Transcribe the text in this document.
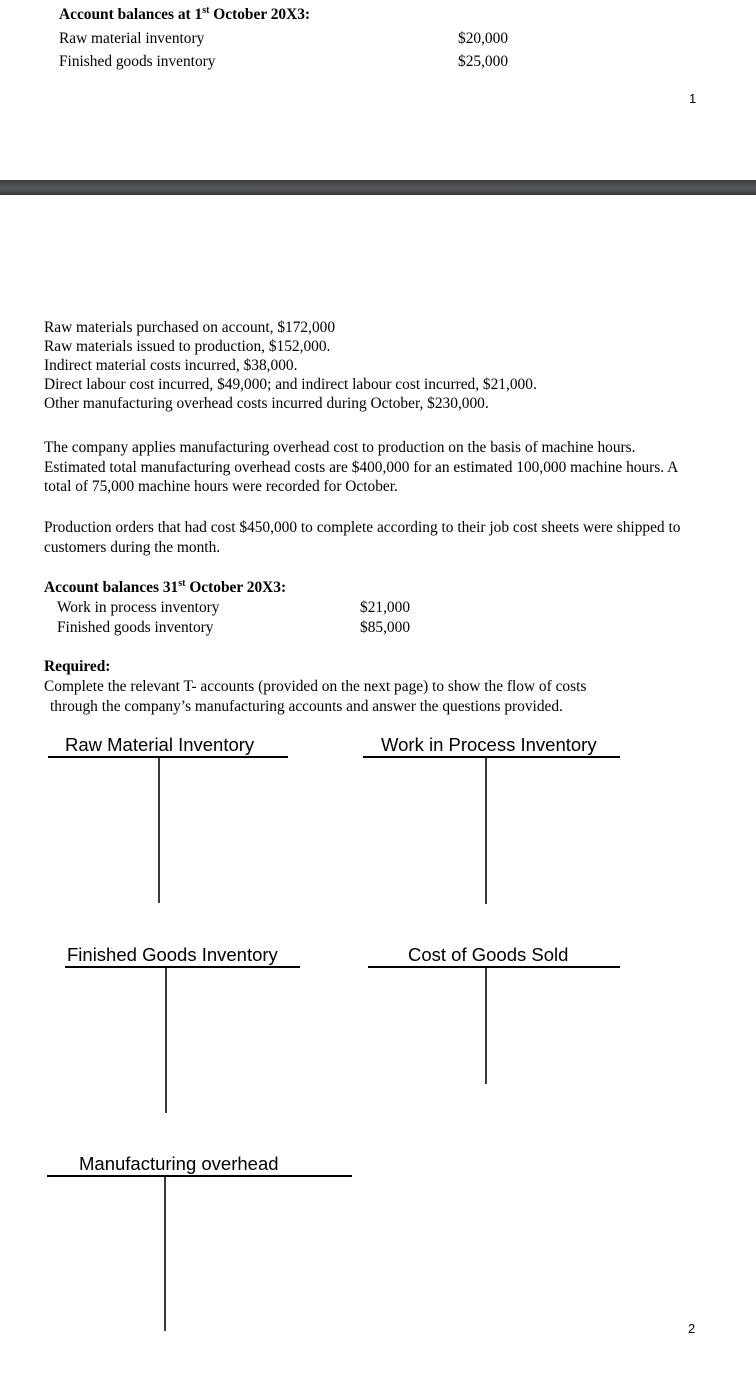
Account balances at 1st October 20X3:
Raw material inventory	$20,000
Finished goods inventory	$25,000
1
Raw materials purchased on account, $172,000
Raw materials issued to production, $152,000.
Indirect material costs incurred, $38,000.
Direct labour cost incurred, $49,000; and indirect labour cost incurred, $21,000.
Other manufacturing overhead costs incurred during October, $230,000.
The company applies manufacturing overhead cost to production on the basis of machine hours. Estimated total manufacturing overhead costs are $400,000 for an estimated 100,000 machine hours. A total of 75,000 machine hours were recorded for October.
Production orders that had cost $450,000 to complete according to their job cost sheets were shipped to customers during the month.
Account balances 31st October 20X3:
Work in process inventory	$21,000
Finished goods inventory	$85,000
Required:
Complete the relevant T- accounts (provided on the next page) to show the flow of costs
through the company’s manufacturing accounts and answer the questions provided.
Raw Material Inventory	Work in Process Inventory
Finished Goods Inventory	Cost of Goods Sold
Manufacturing overhead
2
